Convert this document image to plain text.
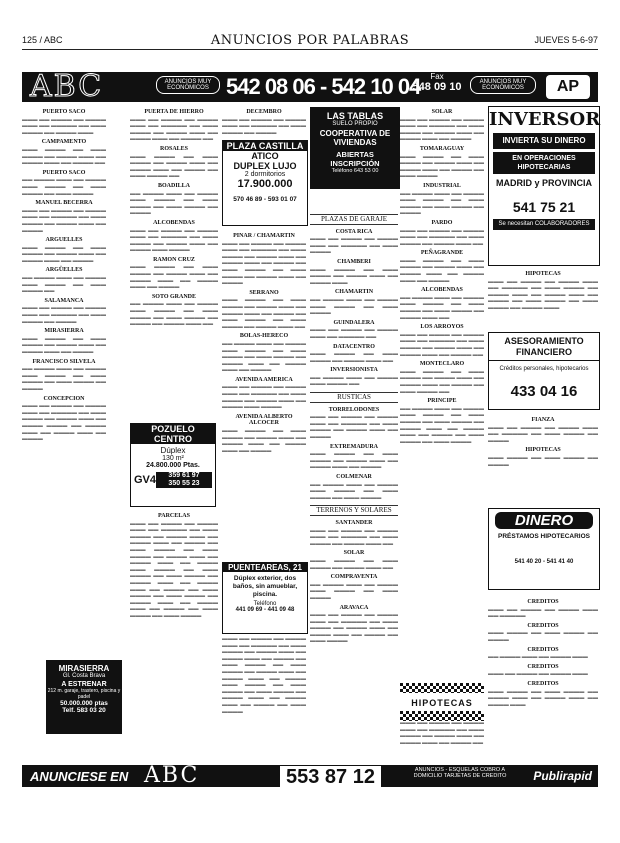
125 / ABC	ANUNCIOS POR PALABRAS	JUEVES 5-6-97
ABC	ANUNCIOS MUY ECONÓMICOS 542 08 06 - 542 10 04	Fax
548 09 10	ANUNCIOS MUY ECONÓMICOS	AP
PUERTO SACO
▬▬▬ ▬▬ ▬▬▬▬ ▬▬ ▬▬▬▬ ▬▬▬ ▬▬ ▬▬▬▬▬ ▬▬ ▬▬▬ ▬▬▬▬ ▬▬ ▬▬▬▬ ▬▬▬
CAMPAMENTO
▬▬▬ ▬▬▬▬ ▬▬ ▬▬▬ ▬▬▬▬ ▬▬ ▬▬▬▬ ▬▬▬ ▬▬ ▬▬▬▬ ▬▬▬ ▬▬ ▬▬▬▬ ▬▬
PUERTO SACO
▬▬ ▬▬▬▬ ▬▬▬ ▬▬ ▬▬▬▬ ▬▬▬ ▬▬▬▬ ▬▬ ▬▬▬ ▬▬▬▬ ▬▬ ▬▬▬ ▬▬▬▬
MANUEL BECERRA
▬▬▬ ▬▬ ▬▬▬▬ ▬▬ ▬▬▬▬ ▬▬▬ ▬▬ ▬▬▬▬▬ ▬▬ ▬▬▬ ▬▬▬▬ ▬▬ ▬▬▬▬ ▬▬▬ ▬▬ ▬▬▬▬
ARGUELLES
▬▬▬ ▬▬▬▬ ▬▬ ▬▬▬ ▬▬▬▬ ▬▬ ▬▬▬▬ ▬▬▬ ▬▬ ▬▬▬▬ ▬▬▬ ▬▬ ▬▬▬▬
ARGÜELLES
▬▬ ▬▬▬▬ ▬▬▬ ▬▬ ▬▬▬▬ ▬▬▬ ▬▬▬▬ ▬▬ ▬▬▬ ▬▬▬▬ ▬▬
SALAMANCA
▬▬▬ ▬▬ ▬▬▬▬ ▬▬ ▬▬▬▬ ▬▬▬ ▬▬ ▬▬▬▬▬ ▬▬ ▬▬▬ ▬▬▬▬ ▬▬ ▬▬▬▬
MIRASIERRA
▬▬▬ ▬▬▬▬ ▬▬ ▬▬▬ ▬▬▬▬ ▬▬ ▬▬▬▬ ▬▬▬ ▬▬ ▬▬▬▬ ▬▬▬ ▬▬ ▬▬▬▬
FRANCISCO SILVELA
▬▬ ▬▬▬▬ ▬▬▬ ▬▬ ▬▬▬▬ ▬▬▬ ▬▬▬▬ ▬▬ ▬▬▬ ▬▬▬▬ ▬▬ ▬▬▬ ▬▬▬▬ ▬▬ ▬▬▬▬
CONCEPCION
▬▬▬ ▬▬ ▬▬▬▬ ▬▬ ▬▬▬▬ ▬▬▬ ▬▬ ▬▬▬▬▬ ▬▬ ▬▬▬ ▬▬▬▬ ▬▬ ▬▬▬▬ ▬▬▬ ▬▬ ▬▬▬▬ ▬▬▬▬ ▬▬ ▬▬▬▬ ▬▬▬ ▬▬ ▬▬▬▬ ▬▬▬ ▬▬ ▬▬▬▬
MIRASIERRA
Gl. Costa Brava
A ESTRENAR
212 m. garaje, trastero, piscina y padel
50.000.000 ptas
Telf. 583 03 20
PUERTA DE HIERRO
▬▬▬ ▬▬ ▬▬▬▬ ▬▬ ▬▬▬▬ ▬▬▬ ▬▬ ▬▬▬▬▬ ▬▬ ▬▬▬ ▬▬▬▬ ▬▬ ▬▬▬▬ ▬▬▬ ▬▬ ▬▬▬▬ ▬▬▬ ▬▬ ▬▬▬▬ ▬▬
ROSALES
▬▬▬ ▬▬▬▬ ▬▬ ▬▬▬ ▬▬▬▬ ▬▬ ▬▬▬▬ ▬▬▬ ▬▬ ▬▬▬▬ ▬▬▬ ▬▬ ▬▬▬▬ ▬▬ ▬▬▬ ▬▬▬▬ ▬▬
BOADILLA
▬▬ ▬▬▬▬ ▬▬▬ ▬▬ ▬▬▬▬ ▬▬▬ ▬▬▬▬ ▬▬ ▬▬▬ ▬▬▬▬ ▬▬ ▬▬▬ ▬▬▬▬ ▬▬ ▬▬▬▬
ALCOBENDAS
▬▬▬ ▬▬ ▬▬▬▬ ▬▬ ▬▬▬▬ ▬▬▬ ▬▬ ▬▬▬▬▬ ▬▬ ▬▬▬ ▬▬▬▬ ▬▬ ▬▬▬▬ ▬▬▬ ▬▬ ▬▬▬▬ ▬▬▬ ▬▬▬▬
RAMON CRUZ
▬▬▬ ▬▬▬▬ ▬▬ ▬▬▬ ▬▬▬▬ ▬▬ ▬▬▬▬ ▬▬▬ ▬▬ ▬▬▬▬ ▬▬▬ ▬▬ ▬▬▬▬ ▬▬▬ ▬▬ ▬▬▬▬
SOTO GRANDE
▬▬ ▬▬▬▬ ▬▬▬ ▬▬ ▬▬▬▬ ▬▬▬ ▬▬▬▬ ▬▬ ▬▬▬ ▬▬▬▬ ▬▬ ▬▬▬ ▬▬▬▬ ▬▬ ▬▬▬▬ ▬▬ ▬▬▬▬ ▬▬▬ ▬▬
POZUELO
CENTRO
Dúplex
130 m²
24.800.000 Ptas.
GV4	359 61 97
350 55 23
PARCELAS
▬▬▬ ▬▬ ▬▬▬▬ ▬▬ ▬▬▬▬ ▬▬▬ ▬▬ ▬▬▬▬▬ ▬▬ ▬▬▬ ▬▬▬▬ ▬▬ ▬▬▬▬ ▬▬▬ ▬▬ ▬▬▬▬ ▬▬▬ ▬▬ ▬▬▬▬ ▬▬ ▬▬▬ ▬▬▬▬ ▬▬ ▬▬▬ ▬▬▬▬ ▬▬ ▬▬▬▬ ▬▬▬ ▬▬ ▬▬▬▬ ▬▬▬ ▬▬ ▬▬▬▬ ▬▬▬ ▬▬▬▬ ▬▬ ▬▬▬ ▬▬▬▬ ▬▬ ▬▬▬ ▬▬▬▬ ▬▬ ▬▬▬▬ ▬▬▬ ▬▬ ▬▬▬▬ ▬▬▬ ▬▬ ▬▬▬▬ ▬▬ ▬▬▬ ▬▬▬▬ ▬▬ ▬▬▬ ▬▬▬▬ ▬▬ ▬▬▬▬ ▬▬▬ ▬▬ ▬▬▬▬ ▬▬▬ ▬▬ ▬▬▬▬ ▬▬ ▬▬▬ ▬▬▬▬ ▬▬ ▬▬▬ ▬▬▬▬
PLAZA CASTILLA
ATICO
DUPLEX LUJO
2 dormitorios
17.900.000
570 46 89 - 593 01 07
PINAR / CHAMARTIN
▬▬▬ ▬▬ ▬▬▬▬ ▬▬ ▬▬▬▬ ▬▬▬ ▬▬ ▬▬▬▬▬ ▬▬ ▬▬▬ ▬▬▬▬ ▬▬ ▬▬▬▬ ▬▬▬ ▬▬ ▬▬▬▬ ▬▬▬ ▬▬ ▬▬▬▬ ▬▬ ▬▬▬ ▬▬▬▬ ▬▬ ▬▬▬ ▬▬▬▬ ▬▬ ▬▬▬▬ ▬▬▬ ▬▬ ▬▬▬▬
SERRANO
▬▬▬ ▬▬▬▬ ▬▬ ▬▬▬ ▬▬▬▬ ▬▬ ▬▬▬▬ ▬▬▬ ▬▬ ▬▬▬▬ ▬▬▬ ▬▬ ▬▬▬▬ ▬▬ ▬▬▬ ▬▬▬▬ ▬▬ ▬▬▬ ▬▬▬▬ ▬▬ ▬▬▬▬ ▬▬▬ ▬▬
BOLAS-HERECO
▬▬ ▬▬▬▬ ▬▬▬ ▬▬ ▬▬▬▬ ▬▬▬ ▬▬▬▬ ▬▬ ▬▬▬ ▬▬▬▬ ▬▬ ▬▬▬ ▬▬▬▬ ▬▬ ▬▬▬▬ ▬▬▬ ▬▬ ▬▬▬▬ ▬▬▬ ▬▬ ▬▬▬▬
AVENIDA AMERICA
▬▬▬ ▬▬ ▬▬▬▬ ▬▬ ▬▬▬▬ ▬▬▬ ▬▬ ▬▬▬▬▬ ▬▬ ▬▬▬ ▬▬▬▬ ▬▬ ▬▬▬▬ ▬▬▬ ▬▬ ▬▬▬▬ ▬▬▬ ▬▬▬▬
AVENIDA ALBERTO ALCOCER
▬▬▬ ▬▬▬▬ ▬▬ ▬▬▬ ▬▬▬▬ ▬▬ ▬▬▬▬ ▬▬▬ ▬▬ ▬▬▬▬ ▬▬▬ ▬▬ ▬▬▬▬ ▬▬▬ ▬▬ ▬▬▬▬
DECEMBRO
▬▬▬ ▬▬ ▬▬▬▬ ▬▬ ▬▬▬▬ ▬▬▬ ▬▬ ▬▬▬▬▬ ▬▬ ▬▬▬ ▬▬▬▬ ▬▬ ▬▬▬▬
PUENTEAREAS, 21
Dúplex exterior, dos baños, sin amueblar, piscina.
Teléfono
441 09 69 - 441 09 48
▬▬▬ ▬▬ ▬▬▬▬ ▬▬ ▬▬▬▬ ▬▬▬ ▬▬ ▬▬▬▬▬ ▬▬ ▬▬▬ ▬▬▬▬ ▬▬ ▬▬▬▬ ▬▬▬ ▬▬ ▬▬▬▬ ▬▬▬ ▬▬ ▬▬▬▬ ▬▬ ▬▬▬ ▬▬▬▬ ▬▬ ▬▬▬ ▬▬▬▬ ▬▬ ▬▬▬▬ ▬▬▬ ▬▬ ▬▬▬▬ ▬▬▬ ▬▬ ▬▬▬▬ ▬▬▬ ▬▬▬▬ ▬▬ ▬▬▬ ▬▬▬▬ ▬▬ ▬▬▬ ▬▬▬▬ ▬▬ ▬▬▬▬ ▬▬▬ ▬▬ ▬▬▬▬ ▬▬▬ ▬▬ ▬▬▬▬ ▬▬ ▬▬▬ ▬▬▬▬
LAS TABLAS
SUELO PROPIO
COOPERATIVA DE VIVIENDAS
ABIERTAS INSCRIPCIÓN
Teléfono 643 53 00
PLAZAS DE GARAJE
COSTA RICA
▬▬▬ ▬▬ ▬▬▬▬ ▬▬ ▬▬▬▬ ▬▬▬ ▬▬ ▬▬▬▬▬ ▬▬ ▬▬▬ ▬▬▬▬
CHAMBERI
▬▬▬ ▬▬▬▬ ▬▬ ▬▬▬ ▬▬▬▬ ▬▬ ▬▬▬▬ ▬▬▬ ▬▬ ▬▬▬▬ ▬▬▬
CHAMARTIN
▬▬ ▬▬▬▬ ▬▬▬ ▬▬ ▬▬▬▬ ▬▬▬ ▬▬▬▬ ▬▬ ▬▬▬ ▬▬▬▬
GUINDALERA
▬▬▬ ▬▬ ▬▬▬▬ ▬▬ ▬▬▬▬ ▬▬▬ ▬▬ ▬▬▬▬▬ ▬▬
DATACENTRO
▬▬▬ ▬▬▬▬ ▬▬ ▬▬▬ ▬▬▬▬ ▬▬ ▬▬▬▬ ▬▬▬ ▬▬
INVERSIONISTA
▬▬ ▬▬▬▬ ▬▬▬ ▬▬ ▬▬▬▬ ▬▬▬ ▬▬▬▬ ▬▬
RUSTICAS
TORRELODONES
▬▬▬ ▬▬ ▬▬▬▬ ▬▬ ▬▬▬▬ ▬▬▬ ▬▬ ▬▬▬▬▬ ▬▬ ▬▬▬ ▬▬▬▬ ▬▬ ▬▬▬▬ ▬▬▬ ▬▬ ▬▬▬▬
EXTREMADURA
▬▬▬ ▬▬▬▬ ▬▬ ▬▬▬ ▬▬▬▬ ▬▬ ▬▬▬▬ ▬▬▬ ▬▬ ▬▬▬▬ ▬▬▬ ▬▬ ▬▬▬▬
COLMENAR
▬▬ ▬▬▬▬ ▬▬▬ ▬▬ ▬▬▬▬ ▬▬▬ ▬▬▬▬ ▬▬ ▬▬▬ ▬▬▬▬ ▬▬ ▬▬▬ ▬▬▬▬
TERRENOS Y SOLARES
SANTANDER
▬▬▬ ▬▬ ▬▬▬▬ ▬▬ ▬▬▬▬ ▬▬▬ ▬▬ ▬▬▬▬▬ ▬▬ ▬▬▬ ▬▬▬▬ ▬▬ ▬▬▬▬ ▬▬▬ ▬▬
SOLAR
▬▬▬ ▬▬▬▬ ▬▬ ▬▬▬ ▬▬▬▬ ▬▬ ▬▬▬▬ ▬▬▬ ▬▬
COMPRAVENTA
▬▬ ▬▬▬▬ ▬▬▬ ▬▬ ▬▬▬▬ ▬▬▬ ▬▬▬▬ ▬▬ ▬▬▬ ▬▬▬▬
ARAVACA
▬▬▬ ▬▬ ▬▬▬▬ ▬▬ ▬▬▬▬ ▬▬▬ ▬▬ ▬▬▬▬▬ ▬▬ ▬▬▬ ▬▬▬▬ ▬▬ ▬▬▬▬ ▬▬▬ ▬▬ ▬▬▬▬ ▬▬▬ ▬▬ ▬▬▬▬ ▬▬ ▬▬▬ ▬▬▬▬
SOLAR
▬▬▬ ▬▬ ▬▬▬▬ ▬▬ ▬▬▬▬ ▬▬▬ ▬▬ ▬▬▬▬▬ ▬▬ ▬▬▬ ▬▬▬▬ ▬▬ ▬▬▬▬ ▬▬▬ ▬▬ ▬▬▬▬ ▬▬▬ ▬▬ ▬▬▬▬
TOMARAGUAY
▬▬▬ ▬▬▬▬ ▬▬ ▬▬▬ ▬▬▬▬ ▬▬ ▬▬▬▬ ▬▬▬ ▬▬ ▬▬▬▬ ▬▬▬ ▬▬ ▬▬▬▬ ▬▬ ▬▬▬ ▬▬▬▬
INDUSTRIAL
▬▬ ▬▬▬▬ ▬▬▬ ▬▬ ▬▬▬▬ ▬▬▬ ▬▬▬▬ ▬▬ ▬▬▬ ▬▬▬▬ ▬▬ ▬▬▬ ▬▬▬▬ ▬▬ ▬▬▬▬
PARDO
▬▬▬ ▬▬ ▬▬▬▬ ▬▬ ▬▬▬▬ ▬▬▬ ▬▬ ▬▬▬▬▬ ▬▬ ▬▬▬ ▬▬▬▬ ▬▬ ▬▬▬▬ ▬▬▬ ▬▬
PEÑAGRANDE
▬▬▬ ▬▬▬▬ ▬▬ ▬▬▬ ▬▬▬▬ ▬▬ ▬▬▬▬ ▬▬▬ ▬▬ ▬▬▬▬ ▬▬▬ ▬▬ ▬▬▬▬ ▬▬▬ ▬▬ ▬▬▬▬
ALCOBENDAS
▬▬ ▬▬▬▬ ▬▬▬ ▬▬ ▬▬▬▬ ▬▬▬ ▬▬▬▬ ▬▬ ▬▬▬ ▬▬▬▬ ▬▬ ▬▬▬ ▬▬▬▬ ▬▬ ▬▬▬▬ ▬▬▬ ▬▬
LOS ARROYOS
▬▬▬ ▬▬ ▬▬▬▬ ▬▬ ▬▬▬▬ ▬▬▬ ▬▬ ▬▬▬▬▬ ▬▬ ▬▬▬ ▬▬▬▬ ▬▬ ▬▬▬▬ ▬▬▬ ▬▬ ▬▬▬▬ ▬▬▬ ▬▬ ▬▬▬▬ ▬▬
MONTECLARO
▬▬▬ ▬▬▬▬ ▬▬ ▬▬▬ ▬▬▬▬ ▬▬ ▬▬▬▬ ▬▬▬ ▬▬ ▬▬▬▬ ▬▬▬ ▬▬ ▬▬▬▬ ▬▬ ▬▬▬ ▬▬▬▬ ▬▬
PRINCIPE
▬▬ ▬▬▬▬ ▬▬▬ ▬▬ ▬▬▬▬ ▬▬▬ ▬▬▬▬ ▬▬ ▬▬▬ ▬▬▬▬ ▬▬ ▬▬▬ ▬▬▬▬ ▬▬ ▬▬▬▬ ▬▬▬ ▬▬ ▬▬▬▬ ▬▬▬ ▬▬ ▬▬▬▬ ▬▬ ▬▬▬ ▬▬▬▬ ▬▬ ▬▬▬ ▬▬▬▬
HIPOTECAS
▬▬▬ ▬▬ ▬▬▬▬ ▬▬ ▬▬▬▬ ▬▬▬ ▬▬ ▬▬▬▬▬ ▬▬ ▬▬▬ ▬▬▬▬ ▬▬ ▬▬▬▬ ▬▬▬ ▬▬ ▬▬▬▬ ▬▬▬ ▬▬ ▬▬▬▬ ▬▬
INVERSOR
INVIERTA SU DINERO
EN OPERACIONES HIPOTECARIAS
MADRID y PROVINCIA
541 75 21
Se necesitan COLABORADORES
HIPOTECAS
▬▬▬ ▬▬ ▬▬▬▬ ▬▬ ▬▬▬▬ ▬▬▬ ▬▬ ▬▬▬▬▬ ▬▬ ▬▬▬ ▬▬▬▬ ▬▬ ▬▬▬▬ ▬▬▬ ▬▬ ▬▬▬▬ ▬▬▬ ▬▬ ▬▬▬▬ ▬▬ ▬▬▬ ▬▬▬▬ ▬▬ ▬▬▬ ▬▬▬▬ ▬▬ ▬▬▬▬ ▬▬▬
ASESORAMIENTO FINANCIERO
Créditos personales, hipotecarios
433 04 16
FIANZA
▬▬▬ ▬▬ ▬▬▬▬ ▬▬ ▬▬▬▬ ▬▬▬ ▬▬ ▬▬▬▬▬ ▬▬ ▬▬▬ ▬▬▬▬ ▬▬ ▬▬▬▬
HIPOTECAS
▬▬▬ ▬▬▬▬ ▬▬ ▬▬▬ ▬▬▬▬ ▬▬ ▬▬▬▬
DINERO
PRÉSTAMOS HIPOTECARIOS
541 40 20 - 541 41 40
CREDITOS
▬▬▬ ▬▬ ▬▬▬▬ ▬▬ ▬▬▬▬ ▬▬▬ ▬▬ ▬▬▬▬▬
CREDITOS
▬▬▬ ▬▬▬▬ ▬▬ ▬▬▬ ▬▬▬▬ ▬▬ ▬▬▬▬
CREDITOS
▬▬ ▬▬▬▬ ▬▬▬ ▬▬ ▬▬▬▬ ▬▬▬
CREDITOS
▬▬▬ ▬▬ ▬▬▬▬ ▬▬ ▬▬▬▬ ▬▬▬
CREDITOS
▬▬▬ ▬▬▬▬ ▬▬ ▬▬▬ ▬▬▬▬ ▬▬ ▬▬▬▬ ▬▬▬ ▬▬ ▬▬▬▬ ▬▬▬ ▬▬ ▬▬▬▬ ▬▬▬
ANUNCIESE EN ABC	553 87 12	ANUNCIOS - ESQUELAS COBRO A DOMICILIO TARJETAS DE CREDITO	Publirapid
